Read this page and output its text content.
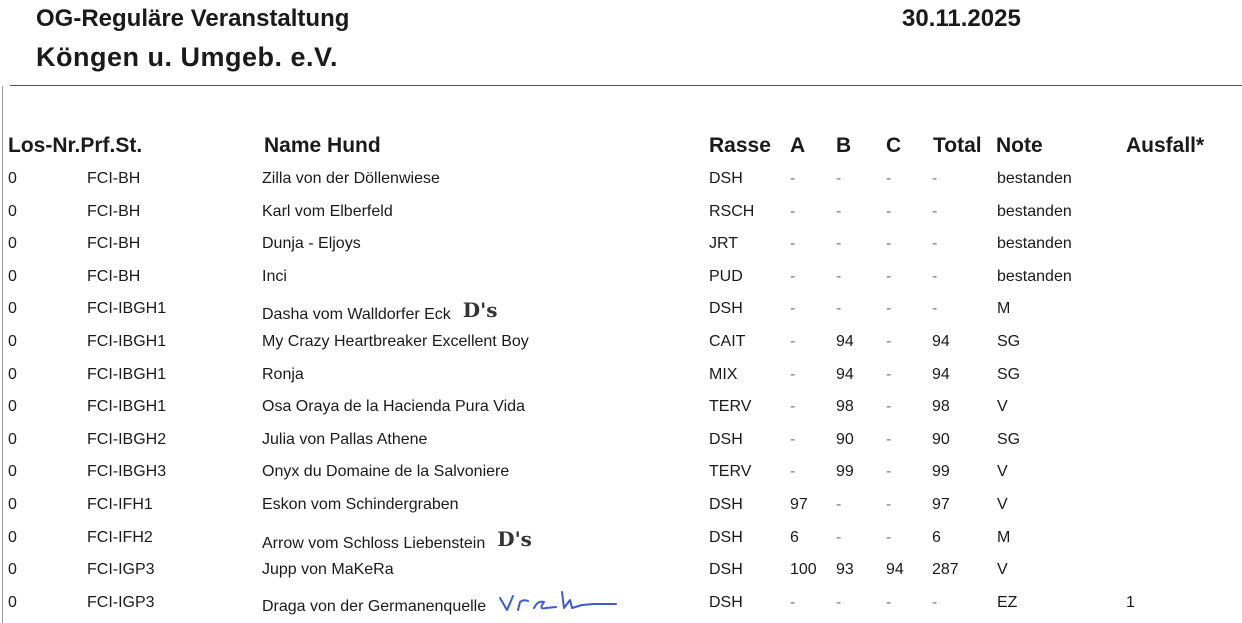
OG-Reguläre Veranstaltung	30.11.2025
Köngen u. Umgeb. e.V.
Los-Nr.Prf.St.	Name Hund	Rasse A B C Total Note	Ausfall*
0	FCI-BH	Zilla von der Döllenwiese	DSH	-	-	-	-	bestanden
0	FCI-BH	Karl vom Elberfeld	RSCH -	-	-	-	bestanden
0	FCI-BH	Dunja - Eljoys	JRT	-	-	-	-	bestanden
0	FCI-BH	Inci	PUD	-	-	-	-	bestanden
0	FCI-IBGH1	Dasha vom Walldorfer Eck D's	DSH	-	-	-	-	M
0	FCI-IBGH1	My Crazy Heartbreaker Excellent Boy	CAIT	-	94 -	94	SG
0	FCI-IBGH1	Ronja	MIX	-	94 -	94	SG
0	FCI-IBGH1	Osa Oraya de la Hacienda Pura Vida	TERV -	98 -	98	V
0	FCI-IBGH2	Julia von Pallas Athene	DSH	-	90 -	90	SG
0	FCI-IBGH3	Onyx du Domaine de la Salvoniere	TERV -	99 -	99	V
0	FCI-IFH1	Eskon vom Schindergraben	DSH	97 -	-	97	V
0	FCI-IFH2	Arrow vom Schloss Liebenstein D's	DSH	6 -	-	6	M
0	FCI-IGP3	Jupp von MaKeRa	DSH	100 93 94 287 V
0	FCI-IGP3	Draga von der Germanenquelle	DSH	-	-	-	-	EZ	1
